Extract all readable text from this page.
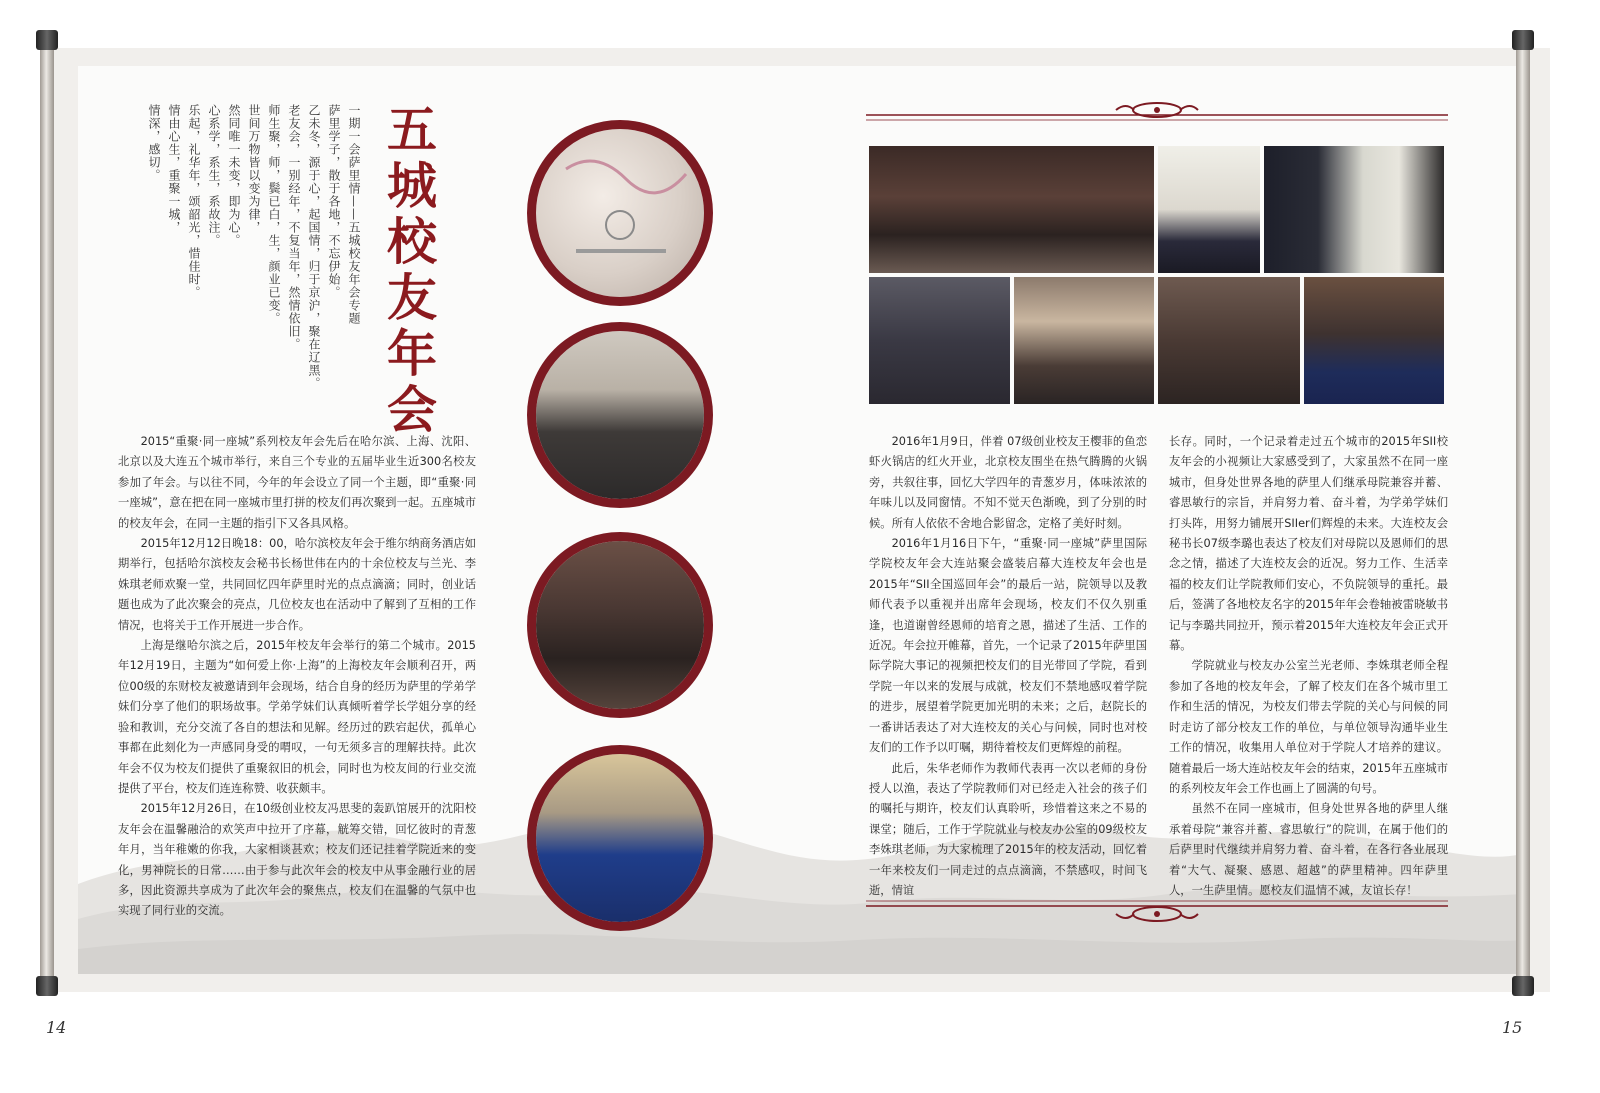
五城校友年会
一期一会萨里情——五城校友年会专题
萨里学子，散于各地，不忘伊始。
乙未冬，源于心，起国情，归于京沪，聚在辽黑。
老友会，一别经年，不复当年，然情依旧。
师生聚，师，鬓已白，生，颜业已变。
世间万物皆以变为律，
然同唯一未变，即为心。
心系学，系生，系故注。
乐起，礼华年，颂韶光，惜佳时。
情由心生，重聚一城，
情深，感切。

2015“重聚·同一座城”系列校友年会先后在哈尔滨、上海、沈阳、北京以及大连五个城市举行，来自三个专业的五届毕业生近300名校友参加了年会。与以往不同，今年的年会设立了同一个主题，即“重聚·同一座城”，意在把在同一座城市里打拼的校友们再次聚到一起。五座城市的校友年会，在同一主题的指引下又各具风格。

2015年12月12日晚18：00，哈尔滨校友年会于维尔纳商务酒店如期举行，包括哈尔滨校友会秘书长杨世伟在内的十余位校友与兰光、李姝琪老师欢聚一堂，共同回忆四年萨里时光的点点滴滴；同时，创业话题也成为了此次聚会的亮点，几位校友也在活动中了解到了互相的工作情况，也将关于工作开展进一步合作。

上海是继哈尔滨之后，2015年校友年会举行的第二个城市。2015年12月19日，主题为“如何爱上你·上海”的上海校友年会顺利召开，两位00级的东财校友被邀请到年会现场，结合自身的经历为萨里的学弟学妹们分享了他们的职场故事。学弟学妹们认真倾听着学长学姐分享的经验和教训，充分交流了各自的想法和见解。经历过的跌宕起伏，孤单心事都在此刻化为一声感同身受的喟叹，一句无须多言的理解扶持。此次年会不仅为校友们提供了重聚叙旧的机会，同时也为校友间的行业交流提供了平台，校友们连连称赞、收获颇丰。

2015年12月26日，在10级创业校友冯思斐的轰趴馆展开的沈阳校友年会在温馨融洽的欢笑声中拉开了序幕，觥筹交错，回忆彼时的青葱年月，当年稚嫩的你我，大家相谈甚欢；校友们还记挂着学院近来的变化，男神院长的日常……由于参与此次年会的校友中从事金融行业的居多，因此资源共享成为了此次年会的聚焦点，校友们在温馨的气氛中也实现了同行业的交流。

2016年1月9日，伴着 07级创业校友王樱菲的鱼恋虾火锅店的红火开业，北京校友围坐在热气腾腾的火锅旁，共叙往事，回忆大学四年的青葱岁月，体味浓浓的年味儿以及同窗情。不知不觉天色渐晚，到了分别的时候。所有人依依不舍地合影留念，定格了美好时刻。

2016年1月16日下午，“重聚·同一座城”萨里国际学院校友年会大连站聚会盛装启幕大连校友年会也是2015年“SII全国巡回年会”的最后一站，院领导以及教师代表予以重视并出席年会现场，校友们不仅久别重逢，也道谢曾经恩师的培育之恩，描述了生活、工作的近况。年会拉开帷幕，首先，一个记录了2015年萨里国际学院大事记的视频把校友们的目光带回了学院，看到学院一年以来的发展与成就，校友们不禁地感叹着学院的进步，展望着学院更加光明的未来；之后，赵院长的一番讲话表达了对大连校友的关心与问候，同时也对校友们的工作予以叮嘱，期待着校友们更辉煌的前程。

此后，朱华老师作为教师代表再一次以老师的身份授人以渔，表达了学院教师们对已经走入社会的孩子们的嘱托与期许，校友们认真聆听，珍惜着这来之不易的课堂；随后，工作于学院就业与校友办公室的09级校友李姝琪老师，为大家梳理了2015年的校友活动，回忆着一年来校友们一同走过的点点滴滴，不禁感叹，时间飞逝，情谊

长存。同时，一个记录着走过五个城市的2015年SII校友年会的小视频让大家感受到了，大家虽然不在同一座城市，但身处世界各地的萨里人们继承母院兼容并蓄、睿思敏行的宗旨，并肩努力着、奋斗着，为学弟学妹们打头阵，用努力铺展开SIIer们辉煌的未来。大连校友会秘书长07级李璐也表达了校友们对母院以及恩师们的思念之情，描述了大连校友会的近况。努力工作、生活幸福的校友们让学院教师们安心，不负院领导的重托。最后，签满了各地校友名字的2015年年会卷轴被雷晓敏书记与李璐共同拉开，预示着2015年大连校友年会正式开幕。

学院就业与校友办公室兰光老师、李姝琪老师全程参加了各地的校友年会，了解了校友们在各个城市里工作和生活的情况，为校友们带去学院的关心与问候的同时走访了部分校友工作的单位，与单位领导沟通毕业生工作的情况，收集用人单位对于学院人才培养的建议。随着最后一场大连站校友年会的结束，2015年五座城市的系列校友年会工作也画上了圆满的句号。

虽然不在同一座城市，但身处世界各地的萨里人继承着母院“兼容并蓄、睿思敏行”的院训，在属于他们的后萨里时代继续并肩努力着、奋斗着，在各行各业展现着“大气、凝聚、感恩、超越”的萨里精神。四年萨里人，一生萨里情。愿校友们温情不减，友谊长存！

14	15
